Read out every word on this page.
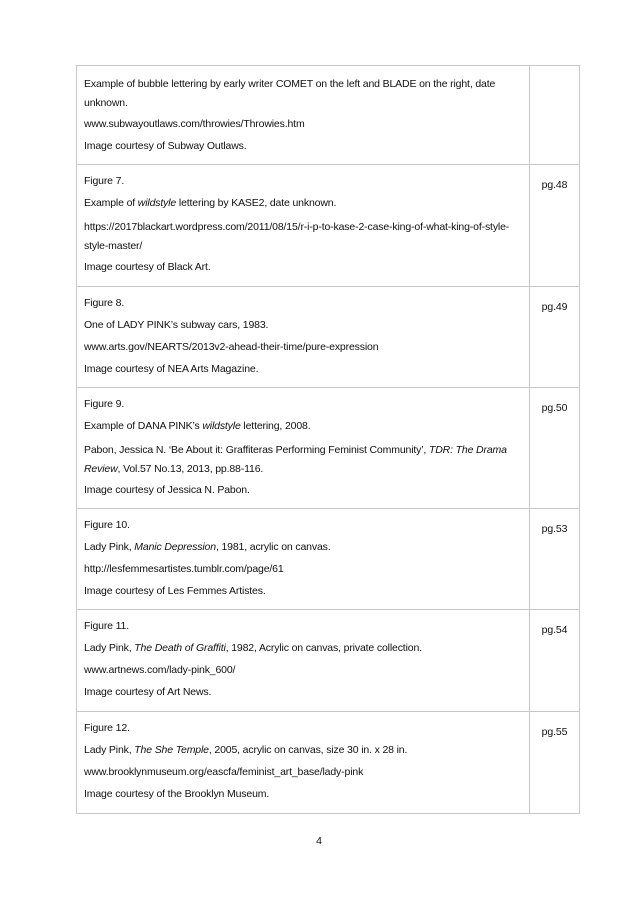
Example of bubble lettering by early writer COMET on the left and BLADE on the right, date unknown.
www.subwayoutlaws.com/throwies/Throwies.htm
Image courtesy of Subway Outlaws.	

Figure 7.
Example of wildstyle lettering by KASE2, date unknown.
https://2017blackart.wordpress.com/2011/08/15/r-i-p-to-kase-2-case-king-of-what-king-of-style-style-master/
Image courtesy of Black Art.	pg.48

Figure 8.
One of LADY PINK’s subway cars, 1983.
www.arts.gov/NEARTS/2013v2-ahead-their-time/pure-expression
Image courtesy of NEA Arts Magazine.	pg.49

Figure 9.
Example of DANA PINK’s wildstyle lettering, 2008.
Pabon, Jessica N. ‘Be About it: Graffiteras Performing Feminist Community’, TDR: The Drama Review, Vol.57 No.13, 2013, pp.88-116.
Image courtesy of Jessica N. Pabon.	pg.50

Figure 10.
Lady Pink, Manic Depression, 1981, acrylic on canvas.
http://lesfemmesartistes.tumblr.com/page/61
Image courtesy of Les Femmes Artistes.	pg.53

Figure 11.
Lady Pink, The Death of Graffiti, 1982, Acrylic on canvas, private collection.
www.artnews.com/lady-pink_600/
Image courtesy of Art News.	pg.54

Figure 12.
Lady Pink, The She Temple, 2005, acrylic on canvas, size 30 in. x 28 in.
www.brooklynmuseum.org/eascfa/feminist_art_base/lady-pink
Image courtesy of the Brooklyn Museum.	pg.55
4
